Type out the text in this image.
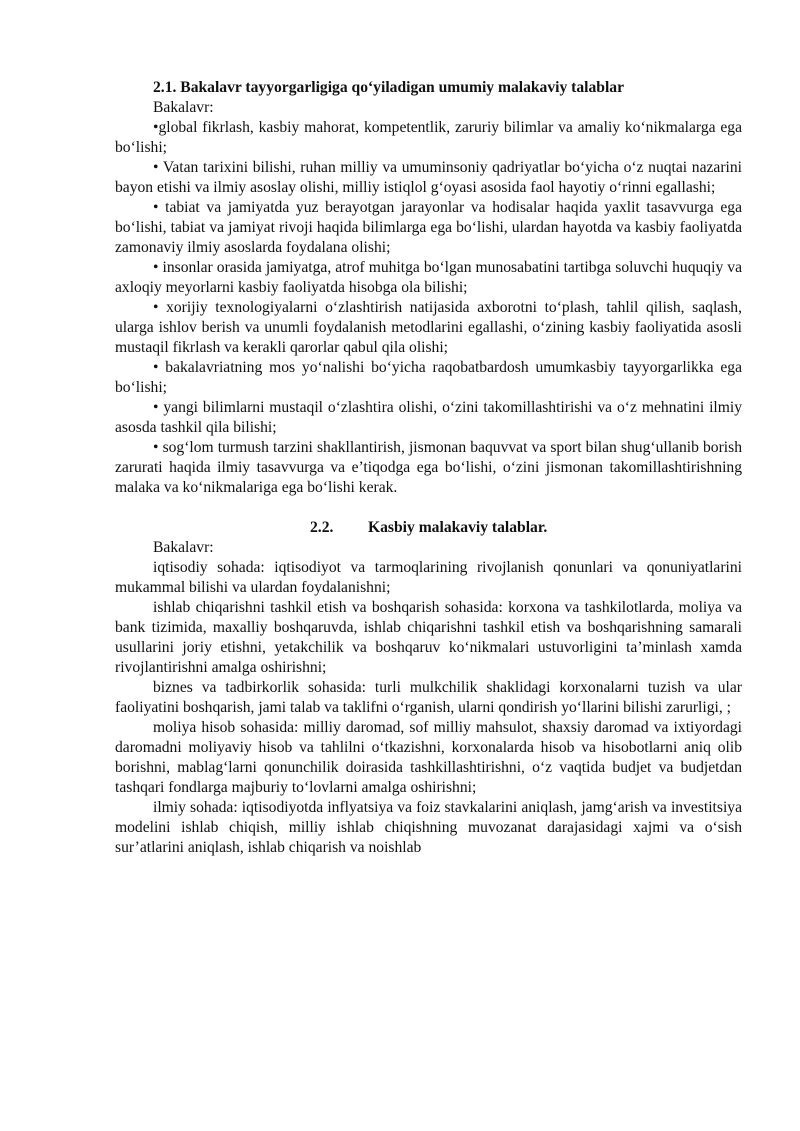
2.1. Bakalavr tayyorgarligiga qo‘yiladigan umumiy malakaviy talablar

Bakalavr:

•global fikrlash, kasbiy mahorat, kompetentlik, zaruriy bilimlar va amaliy ko‘nikmalarga ega bo‘lishi;

• Vatan tarixini bilishi, ruhan milliy va umuminsoniy qadriyatlar bo‘yicha o‘z nuqtai nazarini bayon etishi va ilmiy asoslay olishi, milliy istiqlol g‘oyasi asosida faol hayotiy o‘rinni egallashi;

• tabiat va jamiyatda yuz berayotgan jarayonlar va hodisalar haqida yaxlit tasavvurga ega bo‘lishi, tabiat va jamiyat rivoji haqida bilimlarga ega bo‘lishi, ulardan hayotda va kasbiy faoliyatda zamonaviy ilmiy asoslarda foydalana olishi;

• insonlar orasida jamiyatga, atrof muhitga bo‘lgan munosabatini tartibga soluvchi huquqiy va axloqiy meyorlarni kasbiy faoliyatda hisobga ola bilishi;

• xorijiy texnologiyalarni o‘zlashtirish natijasida axborotni to‘plash, tahlil qilish, saqlash, ularga ishlov berish va unumli foydalanish metodlarini egallashi, o‘zining kasbiy faoliyatida asosli mustaqil fikrlash va kerakli qarorlar qabul qila olishi;

• bakalavriatning mos yo‘nalishi bo‘yicha raqobatbardosh umumkasbiy tayyorgarlikka ega bo‘lishi;

• yangi bilimlarni mustaqil o‘zlashtira olishi, o‘zini takomillashtirishi va o‘z mehnatini ilmiy asosda tashkil qila bilishi;

• sog‘lom turmush tarzini shakllantirish, jismonan baquvvat va sport bilan shug‘ullanib borish zarurati haqida ilmiy tasavvurga va e’tiqodga ega bo‘lishi, o‘zini jismonan takomillashtirishning malaka va ko‘nikmalariga ega bo‘lishi kerak.

2.2. Kasbiy malakaviy talablar.

Bakalavr:

iqtisodiy sohada: iqtisodiyot va tarmoqlarining rivojlanish qonunlari va qonuniyatlarini mukammal bilishi va ulardan foydalanishni;

ishlab chiqarishni tashkil etish va boshqarish sohasida: korxona va tashkilotlarda, moliya va bank tizimida, maxalliy boshqaruvda, ishlab chiqarishni tashkil etish va boshqarishning samarali usullarini joriy etishni, yetakchilik va boshqaruv ko‘nikmalari ustuvorligini ta’minlash xamda rivojlantirishni amalga oshirishni;

biznes va tadbirkorlik sohasida: turli mulkchilik shaklidagi korxonalarni tuzish va ular faoliyatini boshqarish, jami talab va taklifni o‘rganish, ularni qondirish yo‘llarini bilishi zarurligi, ;

moliya hisob sohasida: milliy daromad, sof milliy mahsulot, shaxsiy daromad va ixtiyordagi daromadni moliyaviy hisob va tahlilni o‘tkazishni, korxonalarda hisob va hisobotlarni aniq olib borishni, mablag‘larni qonunchilik doirasida tashkillashtirishni, o‘z vaqtida budjet va budjetdan tashqari fondlarga majburiy to‘lovlarni amalga oshirishni;

ilmiy sohada: iqtisodiyotda inflyatsiya va foiz stavkalarini aniqlash, jamg‘arish va investitsiya modelini ishlab chiqish, milliy ishlab chiqishning muvozanat darajasidagi xajmi va o‘sish sur’atlarini aniqlash, ishlab chiqarish va noishlab
